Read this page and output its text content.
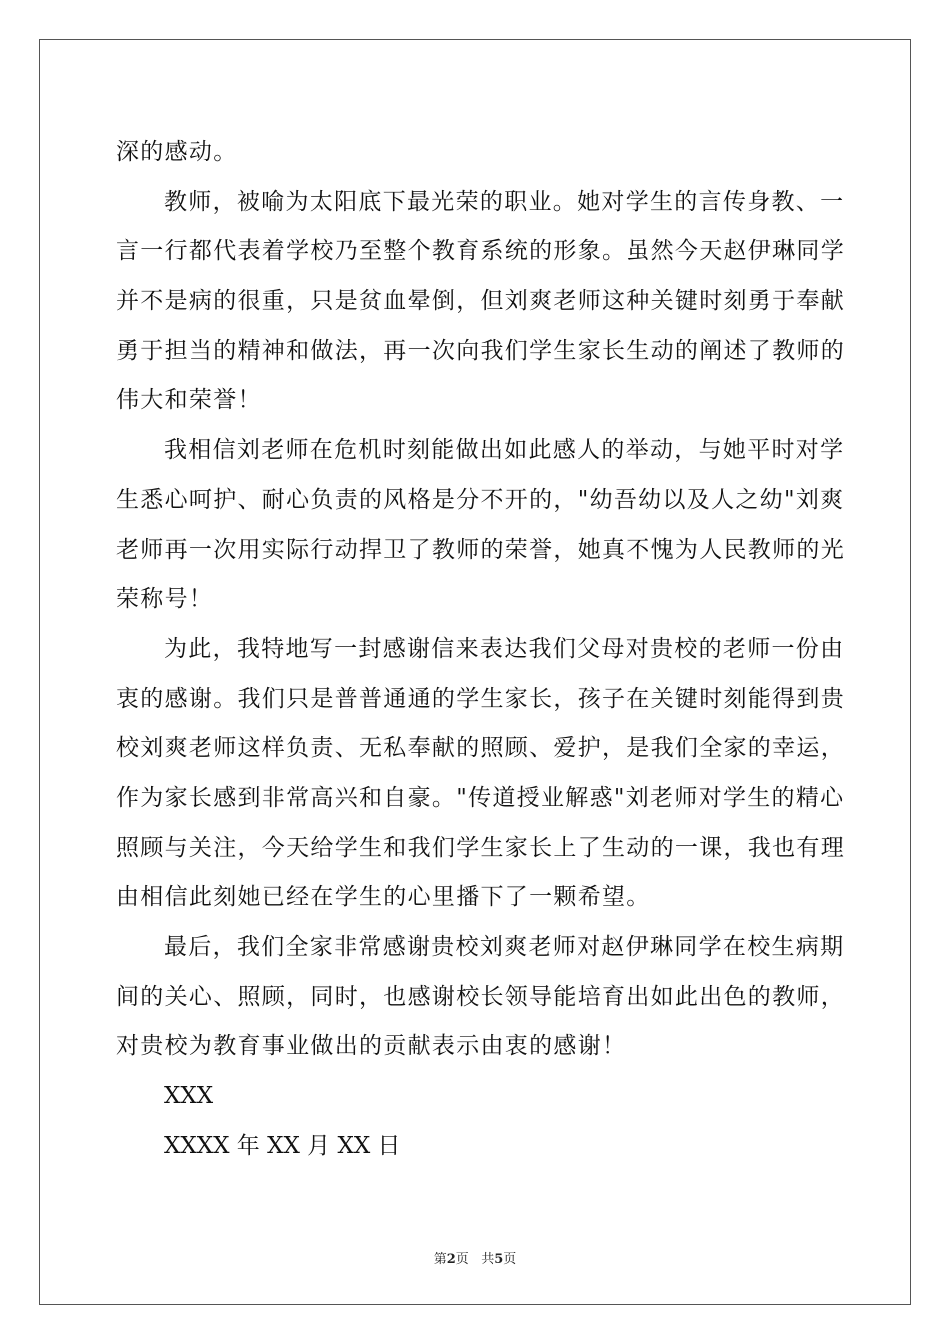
深的感动。

教师，被喻为太阳底下最光荣的职业。她对学生的言传身教、一

言一行都代表着学校乃至整个教育系统的形象。虽然今天赵伊琳同学

并不是病的很重，只是贫血晕倒，但刘爽老师这种关键时刻勇于奉献

勇于担当的精神和做法，再一次向我们学生家长生动的阐述了教师的

伟大和荣誉！

我相信刘老师在危机时刻能做出如此感人的举动，与她平时对学

生悉心呵护、耐心负责的风格是分不开的，"幼吾幼以及人之幼"刘爽

老师再一次用实际行动捍卫了教师的荣誉，她真不愧为人民教师的光

荣称号！

为此，我特地写一封感谢信来表达我们父母对贵校的老师一份由

衷的感谢。我们只是普普通通的学生家长，孩子在关键时刻能得到贵

校刘爽老师这样负责、无私奉献的照顾、爱护，是我们全家的幸运，

作为家长感到非常高兴和自豪。"传道授业解惑"刘老师对学生的精心

照顾与关注，今天给学生和我们学生家长上了生动的一课，我也有理

由相信此刻她已经在学生的心里播下了一颗希望。

最后，我们全家非常感谢贵校刘爽老师对赵伊琳同学在校生病期

间的关心、照顾，同时，也感谢校长领导能培育出如此出色的教师，

对贵校为教育事业做出的贡献表示由衷的感谢！

XXX

XXXX 年 XX 月 XX 日

第2页 共5页
